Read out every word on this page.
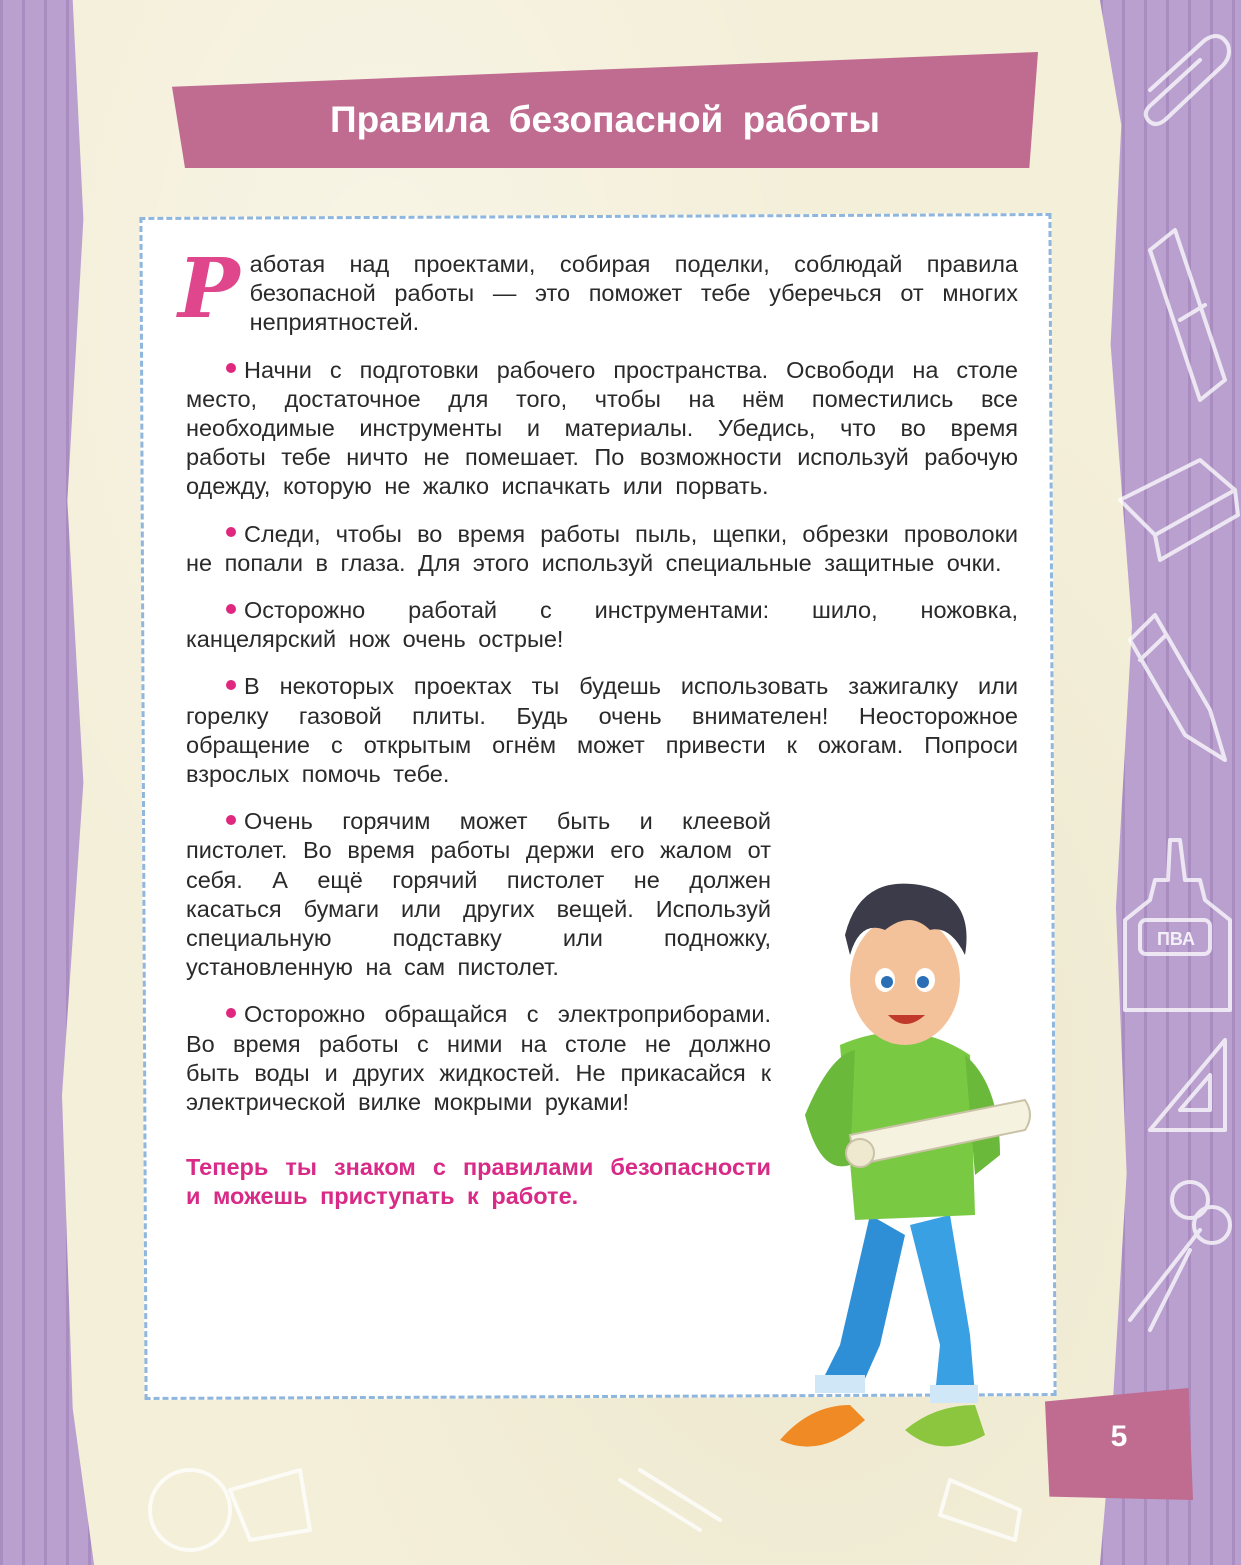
ПВА
Правила безопасной работы

Работая над проектами, собирая поделки, соблюдай правила безопасной работы — это поможет тебе уберечься от многих неприятностей.

Начни с подготовки рабочего пространства. Освободи на столе место, достаточное для того, чтобы на нём поместились все необходимые инструменты и материалы. Убедись, что во время работы тебе ничто не помешает. По возможности используй рабочую одежду, которую не жалко испачкать или порвать.

Следи, чтобы во время работы пыль, щепки, обрезки проволоки не попали в глаза. Для этого используй специальные защитные очки.

Осторожно работай с инструментами: шило, ножовка, канцелярский нож очень острые!

В некоторых проектах ты будешь использовать зажигалку или горелку газовой плиты. Будь очень внимателен! Неосторожное обращение с открытым огнём может привести к ожогам. Попроси взрослых помочь тебе.

Очень горячим может быть и клеевой пистолет. Во время работы держи его жалом от себя. А ещё горячий пистолет не должен касаться бумаги или других вещей. Используй специальную подставку или подножку, установленную на сам пистолет.

Осторожно обращайся с электроприборами. Во время работы с ними на столе не должно быть воды и других жидкостей. Не прикасайся к электрической вилке мокрыми руками!

Теперь ты знаком с правилами безопасности и можешь приступать к работе.

5
